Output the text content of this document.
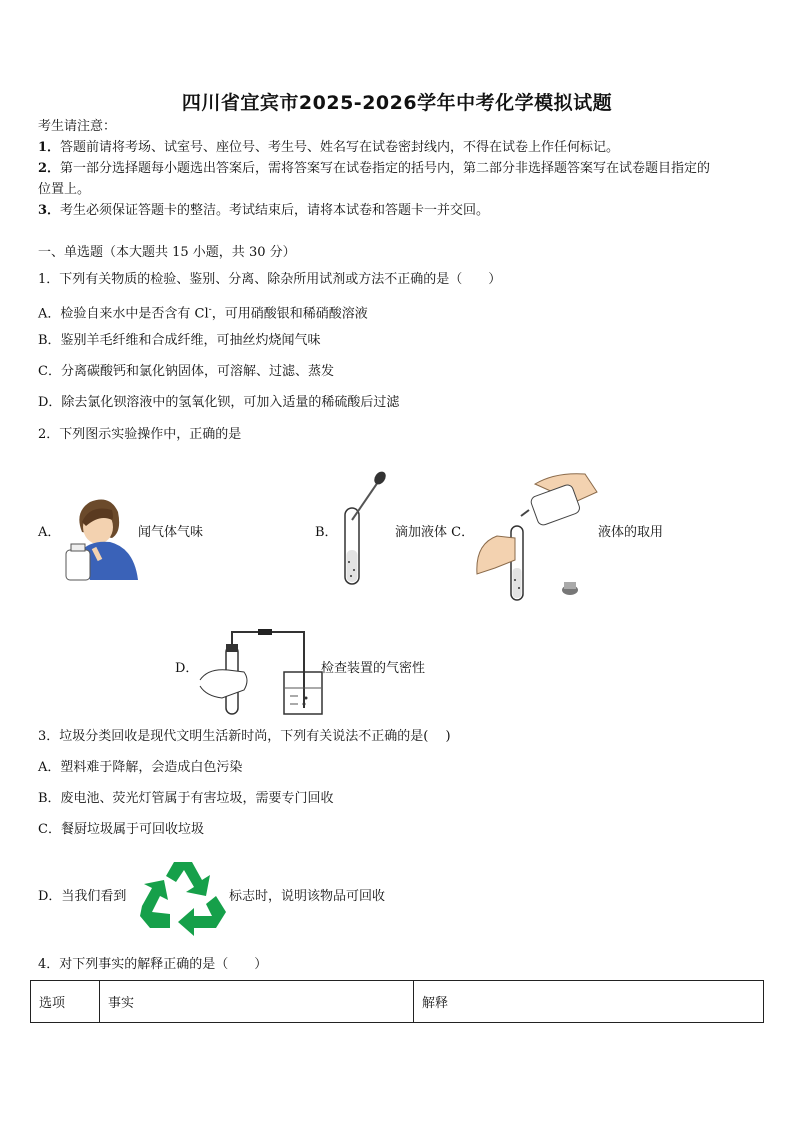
四川省宜宾市2025-2026学年中考化学模拟试题
考生请注意：
1．答题前请将考场、试室号、座位号、考生号、姓名写在试卷密封线内，不得在试卷上作任何标记。
2．第一部分选择题每小题选出答案后，需将答案写在试卷指定的括号内，第二部分非选择题答案写在试卷题目指定的
位置上。
3．考生必须保证答题卡的整洁。考试结束后，请将本试卷和答题卡一并交回。
一、单选题（本大题共 15 小题，共 30 分）
1．下列有关物质的检验、鉴别、分离、除杂所用试剂或方法不正确的是（　　）
A．检验自来水中是否含有 Cl-，可用硝酸银和稀硝酸溶液
B．鉴别羊毛纤维和合成纤维，可抽丝灼烧闻气味
C．分离碳酸钙和氯化钠固体，可溶解、过滤、蒸发
D．除去氯化钡溶液中的氢氧化钡，可加入适量的稀硫酸后过滤
2．下列图示实验操作中，正确的是
A．	闻气体气味	B．	滴加液体 C．	液体的取用
D．	检查装置的气密性
3．垃圾分类回收是现代文明生活新时尚，下列有关说法不正确的是(　 )
A．塑料难于降解，会造成白色污染
B．废电池、荧光灯管属于有害垃圾，需要专门回收
C．餐厨垃圾属于可回收垃圾
D．当我们看到	标志时，说明该物品可回收
4．对下列事实的解释正确的是（　　）
选项	事实	解释
